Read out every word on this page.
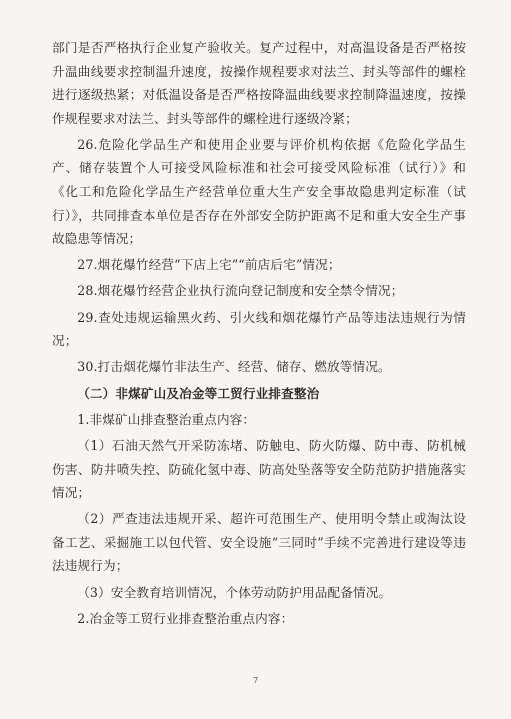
部门是否严格执行企业复产验收关。复产过程中，对高温设备是否严格按升温曲线要求控制温升速度，按操作规程要求对法兰、封头等部件的螺栓进行逐级热紧；对低温设备是否严格按降温曲线要求控制降温速度，按操作规程要求对法兰、封头等部件的螺栓进行逐级冷紧；

26.危险化学品生产和使用企业要与评价机构依据《危险化学品生产、储存装置个人可接受风险标准和社会可接受风险标准（试行）》和《化工和危险化学品生产经营单位重大生产安全事故隐患判定标准（试行）》，共同排查本单位是否存在外部安全防护距离不足和重大安全生产事故隐患等情况；

27.烟花爆竹经营“下店上宅”“前店后宅”情况；

28.烟花爆竹经营企业执行流向登记制度和安全禁令情况；

29.查处违规运输黑火药、引火线和烟花爆竹产品等违法违规行为情况；

30.打击烟花爆竹非法生产、经营、储存、燃放等情况。

（二）非煤矿山及冶金等工贸行业排查整治

1.非煤矿山排查整治重点内容：

（1）石油天然气开采防冻堵、防触电、防火防爆、防中毒、防机械伤害、防井喷失控、防硫化氢中毒、防高处坠落等安全防范防护措施落实情况；

（2）严查违法违规开采、超许可范围生产、使用明令禁止或淘汰设备工艺、采掘施工以包代管、安全设施“三同时”手续不完善进行建设等违法违规行为；

（3）安全教育培训情况，个体劳动防护用品配备情况。

2.冶金等工贸行业排查整治重点内容：

7
